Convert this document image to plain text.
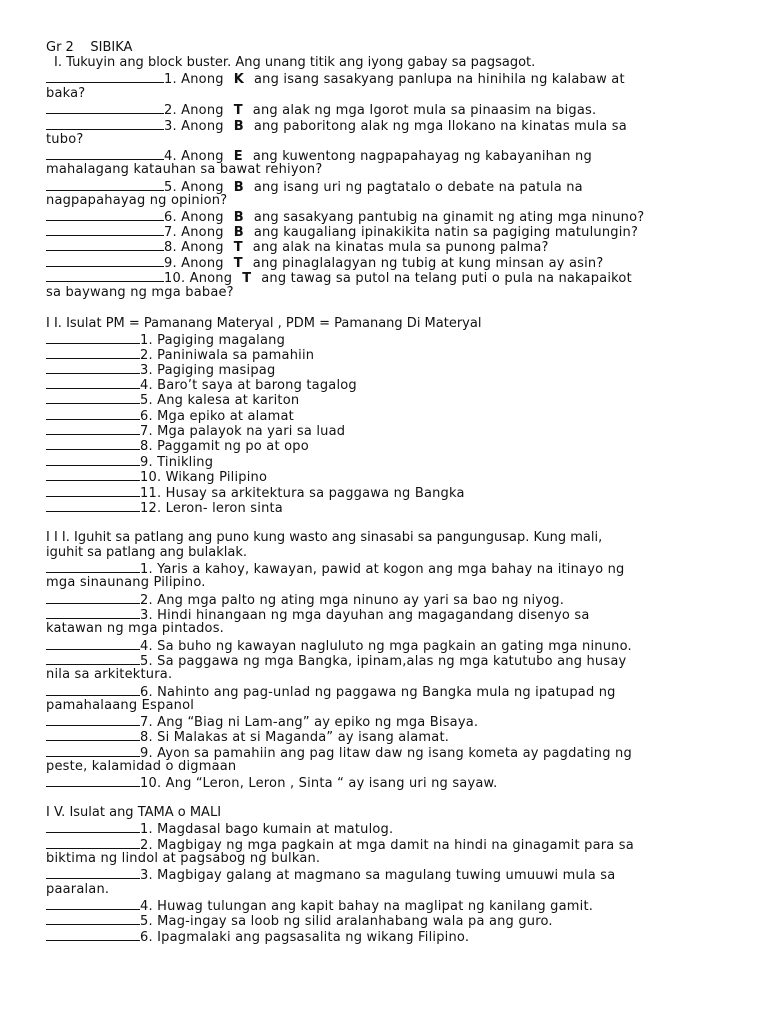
Gr 2 SIBIKA
I. Tukuyin ang block buster. Ang unang titik ang iyong gabay sa pagsagot.
1. Anong K ang isang sasakyang panlupa na hinihila ng kalabaw at
baka?
2. Anong T ang alak ng mga Igorot mula sa pinaasim na bigas.
3. Anong B ang paboritong alak ng mga Ilokano na kinatas mula sa
tubo?
4. Anong E ang kuwentong nagpapahayag ng kabayanihan ng
mahalagang katauhan sa bawat rehiyon?
5. Anong B ang isang uri ng pagtatalo o debate na patula na
nagpapahayag ng opinion?
6. Anong B ang sasakyang pantubig na ginamit ng ating mga ninuno?
7. Anong B ang kaugaliang ipinakikita natin sa pagiging matulungin?
8. Anong T ang alak na kinatas mula sa punong palma?
9. Anong T ang pinaglalagyan ng tubig at kung minsan ay asin?
10. Anong T ang tawag sa putol na telang puti o pula na nakapaikot
sa baywang ng mga babae?
I I. Isulat PM = Pamanang Materyal , PDM = Pamanang Di Materyal
1. Pagiging magalang
2. Paniniwala sa pamahiin
3. Pagiging masipag
4. Baro’t saya at barong tagalog
5. Ang kalesa at kariton
6. Mga epiko at alamat
7. Mga palayok na yari sa luad
8. Paggamit ng po at opo
9. Tinikling
10. Wikang Pilipino
11. Husay sa arkitektura sa paggawa ng Bangka
12. Leron- leron sinta
I I I. Iguhit sa patlang ang puno kung wasto ang sinasabi sa pangungusap. Kung mali,
iguhit sa patlang ang bulaklak.
1. Yaris a kahoy, kawayan, pawid at kogon ang mga bahay na itinayo ng
mga sinaunang Pilipino.
2. Ang mga palto ng ating mga ninuno ay yari sa bao ng niyog.
3. Hindi hinangaan ng mga dayuhan ang magagandang disenyo sa
katawan ng mga pintados.
4. Sa buho ng kawayan nagluluto ng mga pagkain an gating mga ninuno.
5. Sa paggawa ng mga Bangka, ipinam,alas ng mga katutubo ang husay
nila sa arkitektura.
6. Nahinto ang pag-unlad ng paggawa ng Bangka mula ng ipatupad ng
pamahalaang Espanol
7. Ang “Biag ni Lam-ang” ay epiko ng mga Bisaya.
8. Si Malakas at si Maganda” ay isang alamat.
9. Ayon sa pamahiin ang pag litaw daw ng isang kometa ay pagdating ng
peste, kalamidad o digmaan
10. Ang “Leron, Leron , Sinta “ ay isang uri ng sayaw.
I V. Isulat ang TAMA o MALI
1. Magdasal bago kumain at matulog.
2. Magbigay ng mga pagkain at mga damit na hindi na ginagamit para sa
biktima ng lindol at pagsabog ng bulkan.
3. Magbigay galang at magmano sa magulang tuwing umuuwi mula sa
paaralan.
4. Huwag tulungan ang kapit bahay na maglipat ng kanilang gamit.
5. Mag-ingay sa loob ng silid aralanhabang wala pa ang guro.
6. Ipagmalaki ang pagsasalita ng wikang Filipino.
